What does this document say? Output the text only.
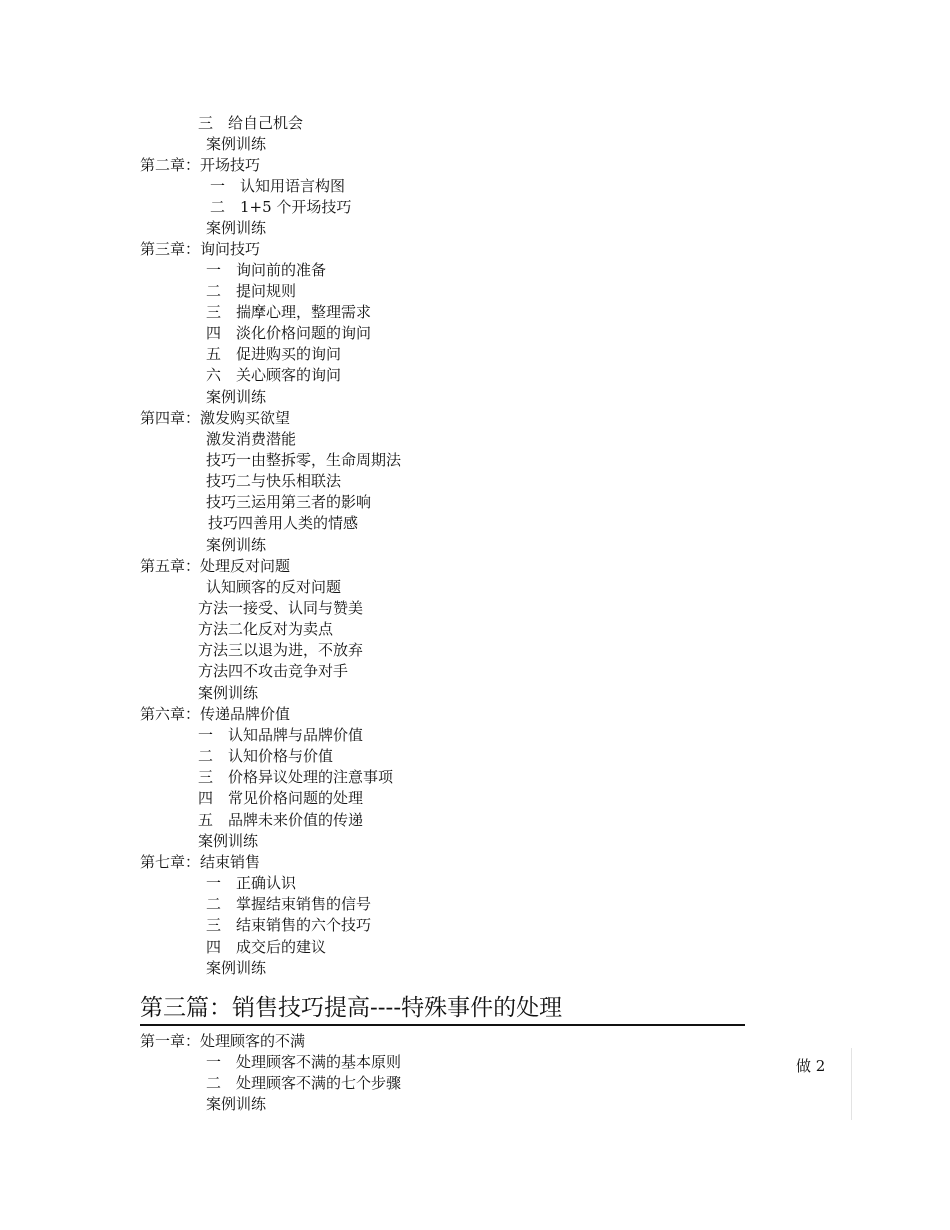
三　给自己机会
案例训练
第二章：开场技巧
一　认知用语言构图
二　1+5 个开场技巧
案例训练
第三章：询问技巧
一　询问前的准备
二　提问规则
三　揣摩心理，整理需求
四　淡化价格问题的询问
五　促进购买的询问
六　关心顾客的询问
案例训练
第四章：激发购买欲望
激发消费潜能
技巧一由整拆零，生命周期法
技巧二与快乐相联法
技巧三运用第三者的影响
技巧四善用人类的情感
案例训练
第五章：处理反对问题
认知顾客的反对问题
方法一接受、认同与赞美
方法二化反对为卖点
方法三以退为进，不放弃
方法四不攻击竞争对手
案例训练
第六章：传递品牌价值
一　认知品牌与品牌价值
二　认知价格与价值
三　价格异议处理的注意事项
四　常见价格问题的处理
五　品牌未来价值的传递
案例训练
第七章：结束销售
一　正确认识
二　掌握结束销售的信号
三　结束销售的六个技巧
四　成交后的建议
案例训练
第三篇：销售技巧提高----特殊事件的处理
第一章：处理顾客的不满
一　处理顾客不满的基本原则
二　处理顾客不满的七个步骤
案例训练
做 2
